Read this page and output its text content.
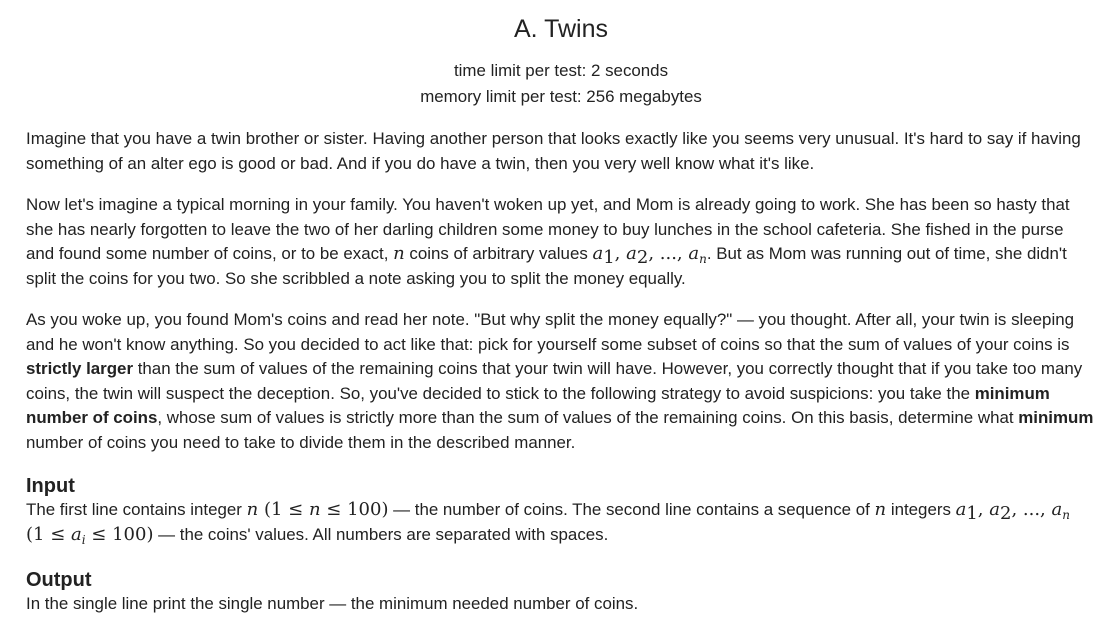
A. Twins
time limit per test: 2 seconds
memory limit per test: 256 megabytes

Imagine that you have a twin brother or sister. Having another person that looks exactly like you seems very unusual. It's hard to say if having something of an alter ego is good or bad. And if you do have a twin, then you very well know what it's like.

Now let's imagine a typical morning in your family. You haven't woken up yet, and Mom is already going to work. She has been so hasty that she has nearly forgotten to leave the two of her darling children some money to buy lunches in the school cafeteria. She fished in the purse and found some number of coins, or to be exact, n coins of arbitrary values $a_1$, $a_2$, ..., $a_n$. But as Mom was running out of time, she didn't split the coins for you two. So she scribbled a note asking you to split the money equally.

As you woke up, you found Mom's coins and read her note. "But why split the money equally?" — you thought. After all, your twin is sleeping and he won't know anything. So you decided to act like that: pick for yourself some subset of coins so that the sum of values of your coins is strictly larger than the sum of values of the remaining coins that your twin will have. However, you correctly thought that if you take too many coins, the twin will suspect the deception. So, you've decided to stick to the following strategy to avoid suspicions: you take the minimum number of coins, whose sum of values is strictly more than the sum of values of the remaining coins. On this basis, determine what minimum number of coins you need to take to divide them in the described manner.

Input

The first line contains integer n (1 ≤ n ≤ 100) — the number of coins. The second line contains a sequence of n integers $a_1$, $a_2$, ..., $a_n$
$(1 \le a_i \le 100)$ — the coins' values. All numbers are separated with spaces.

Output

In the single line print the single number — the minimum needed number of coins.
